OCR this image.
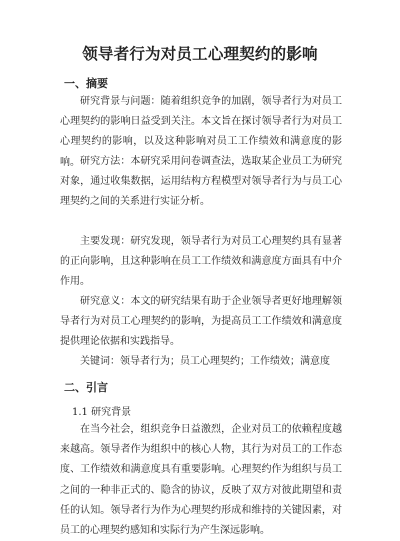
领导者行为对员工心理契约的影响
一、摘要

研究背景与问题：随着组织竞争的加剧，领导者行为对员工心理契约的影响日益受到关注。本文旨在探讨领导者行为对员工心理契约的影响，以及这种影响对员工工作绩效和满意度的影响。 研究方法：本研究采用问卷调查法，选取某企业员工为研究对象，通过收集数据，运用结构方程模型对领导者行为与员工心理契约之间的关系进行实证分析。

主要发现：研究发现，领导者行为对员工心理契约具有显著的正向影响，且这种影响在员工工作绩效和满意度方面具有中介作用。

研究意义：本文的研究结果有助于企业领导者更好地理解领导者行为对员工心理契约的影响，为提高员工工作绩效和满意度提供理论依据和实践指导。

关键词：领导者行为；员工心理契约；工作绩效；满意度

二、引言
1.1 研究背景

在当今社会，组织竞争日益激烈，企业对员工的依赖程度越来越高。领导者作为组织中的核心人物，其行为对员工的工作态度、工作绩效和满意度具有重要影响。心理契约作为组织与员工之间的一种非正式的、隐含的协议，反映了双方对彼此期望和责任的认知。领导者行为作为心理契约形成和维持的关键因素，对员工的心理契约感知和实际行为产生深远影响。
